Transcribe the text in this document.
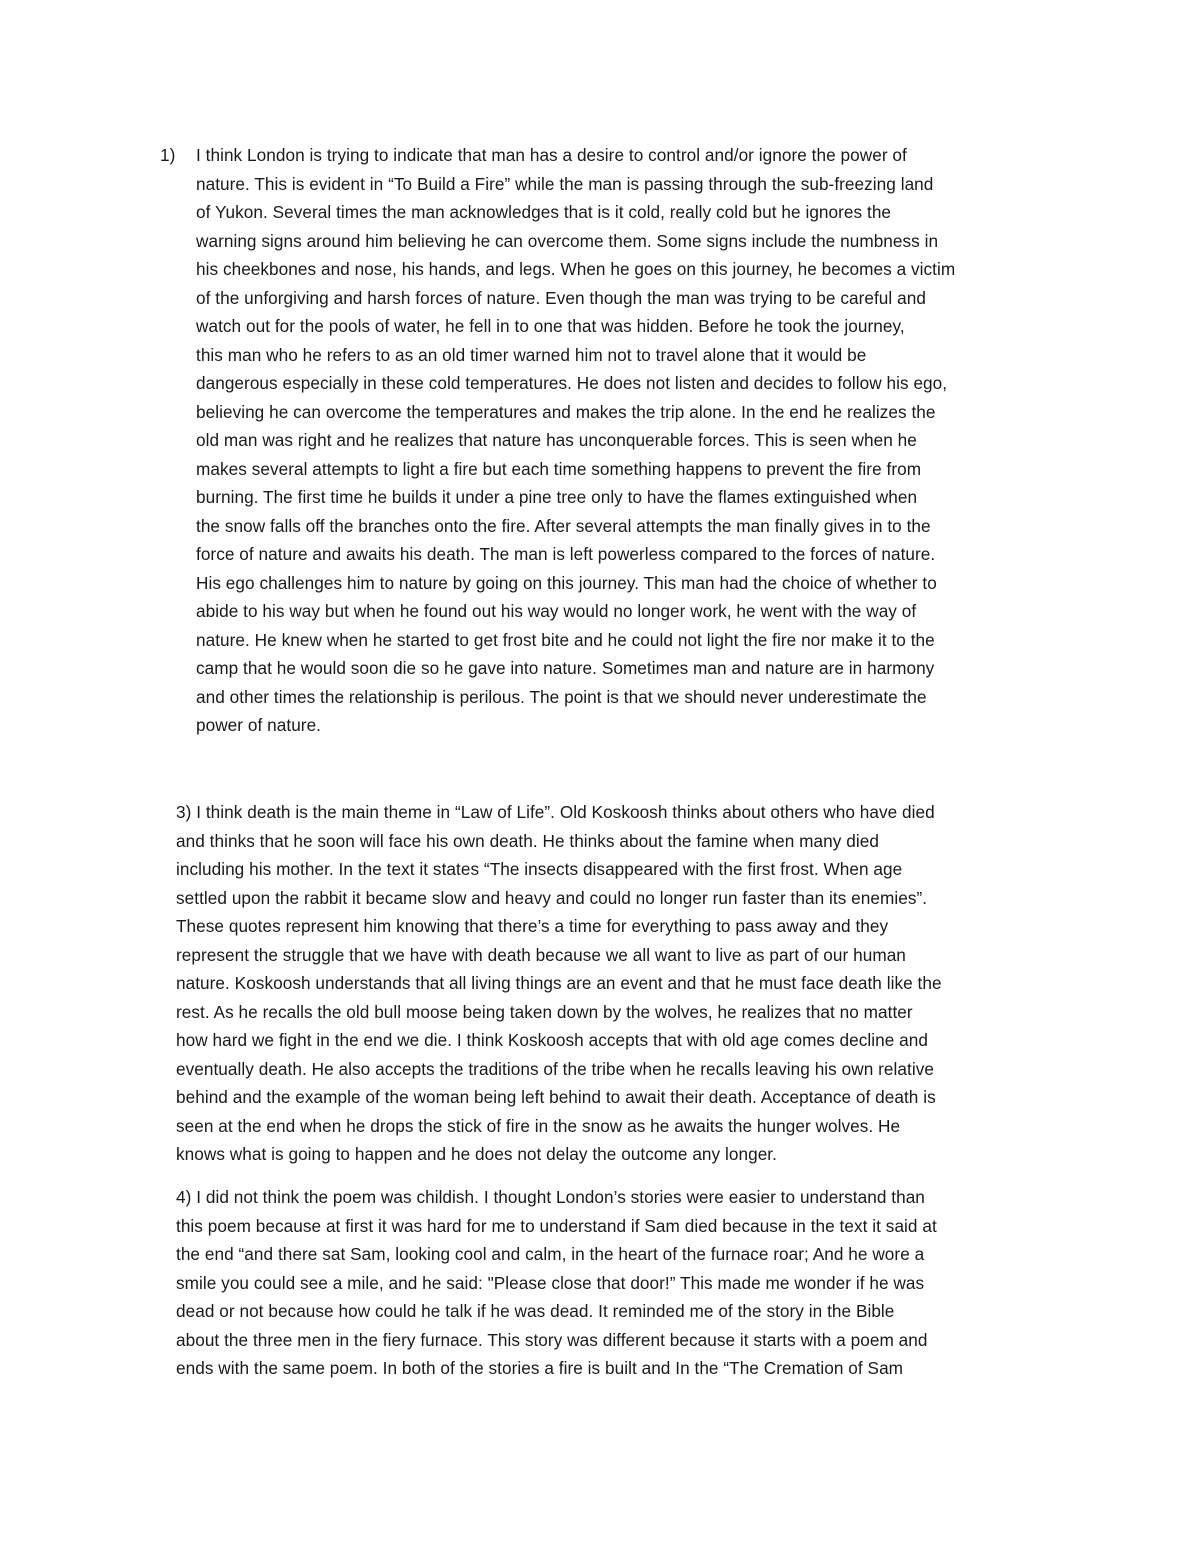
1) I think London is trying to indicate that man has a desire to control and/or ignore the power of
nature. This is evident in “To Build a Fire” while the man is passing through the sub-freezing land
of Yukon. Several times the man acknowledges that is it cold, really cold but he ignores the
warning signs around him believing he can overcome them. Some signs include the numbness in
his cheekbones and nose, his hands, and legs. When he goes on this journey, he becomes a victim
of the unforgiving and harsh forces of nature. Even though the man was trying to be careful and
watch out for the pools of water, he fell in to one that was hidden. Before he took the journey,
this man who he refers to as an old timer warned him not to travel alone that it would be
dangerous especially in these cold temperatures. He does not listen and decides to follow his ego,
believing he can overcome the temperatures and makes the trip alone. In the end he realizes the
old man was right and he realizes that nature has unconquerable forces. This is seen when he
makes several attempts to light a fire but each time something happens to prevent the fire from
burning. The first time he builds it under a pine tree only to have the flames extinguished when
the snow falls off the branches onto the fire. After several attempts the man finally gives in to the
force of nature and awaits his death. The man is left powerless compared to the forces of nature.
His ego challenges him to nature by going on this journey. This man had the choice of whether to
abide to his way but when he found out his way would no longer work, he went with the way of
nature. He knew when he started to get frost bite and he could not light the fire nor make it to the
camp that he would soon die so he gave into nature. Sometimes man and nature are in harmony
and other times the relationship is perilous. The point is that we should never underestimate the
power of nature.
3) I think death is the main theme in “Law of Life”. Old Koskoosh thinks about others who have died
and thinks that he soon will face his own death. He thinks about the famine when many died
including his mother. In the text it states “The insects disappeared with the first frost. When age
settled upon the rabbit it became slow and heavy and could no longer run faster than its enemies”.
These quotes represent him knowing that there’s a time for everything to pass away and they
represent the struggle that we have with death because we all want to live as part of our human
nature. Koskoosh understands that all living things are an event and that he must face death like the
rest. As he recalls the old bull moose being taken down by the wolves, he realizes that no matter
how hard we fight in the end we die. I think Koskoosh accepts that with old age comes decline and
eventually death. He also accepts the traditions of the tribe when he recalls leaving his own relative
behind and the example of the woman being left behind to await their death. Acceptance of death is
seen at the end when he drops the stick of fire in the snow as he awaits the hunger wolves. He
knows what is going to happen and he does not delay the outcome any longer.
4) I did not think the poem was childish. I thought London’s stories were easier to understand than
this poem because at first it was hard for me to understand if Sam died because in the text it said at
the end “and there sat Sam, looking cool and calm, in the heart of the furnace roar; And he wore a
smile you could see a mile, and he said: "Please close that door!” This made me wonder if he was
dead or not because how could he talk if he was dead. It reminded me of the story in the Bible
about the three men in the fiery furnace. This story was different because it starts with a poem and
ends with the same poem. In both of the stories a fire is built and In the “The Cremation of Sam
